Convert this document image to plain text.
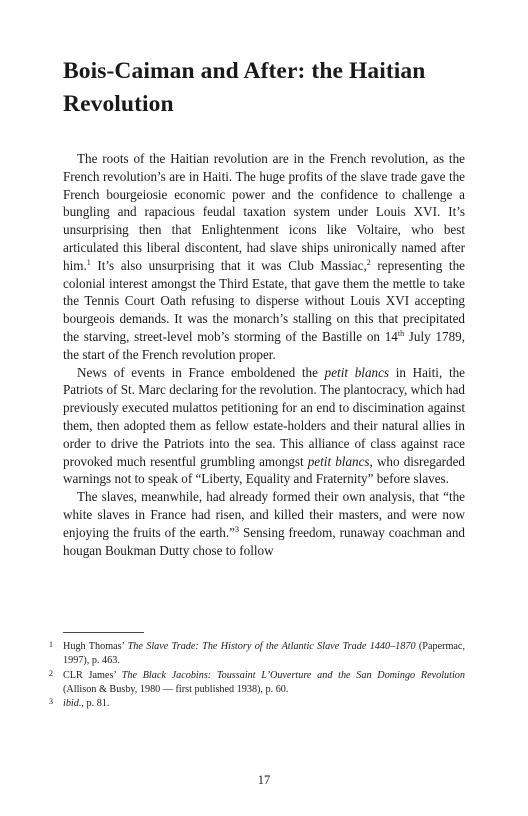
Bois-Caiman and After: the Haitian Revolution

The roots of the Haitian revolution are in the French revolution, as the French revolution’s are in Haiti. The huge profits of the slave trade gave the French bourgeiosie economic power and the confidence to challenge a bungling and rapacious feudal taxation system under Louis XVI. It’s unsurprising then that Enlightenment icons like Voltaire, who best articulated this liberal discontent, had slave ships unironically named after him.$^1$ It’s also unsurprising that it was Club Massiac,$^2$ representing the colonial interest amongst the Third Estate, that gave them the mettle to take the Tennis Court Oath refusing to disperse without Louis XVI accepting bourgeois demands. It was the monarch’s stalling on this that precipitated the starving, street-level mob’s storming of the Bastille on 14th July 1789, the start of the French revolution proper.

News of events in France emboldened the petit blancs in Haiti, the Patriots of St. Marc declaring for the revolution. The plantocracy, which had previously executed mulattos petitioning for an end to discimination against them, then adopted them as fellow estate-holders and their natural allies in order to drive the Patriots into the sea. This alliance of class against race provoked much resentful grumbling amongst petit blancs, who disregarded warnings not to speak of “Liberty, Equality and Fraternity” before slaves.

The slaves, meanwhile, had already formed their own analysis, that “the white slaves in France had risen, and killed their masters, and were now enjoying the fruits of the earth.”$^3$ Sensing freedom, runaway coachman and hougan Boukman Dutty chose to follow

1 Hugh Thomas’ The Slave Trade: The History of the Atlantic Slave Trade 1440–1870 (Papermac, 1997), p. 463.

2 CLR James’ The Black Jacobins: Toussaint L’Ouverture and the San Domingo Revolution (Allison & Busby, 1980 — first published 1938), p. 60.

3 ibid., p. 81.

17
